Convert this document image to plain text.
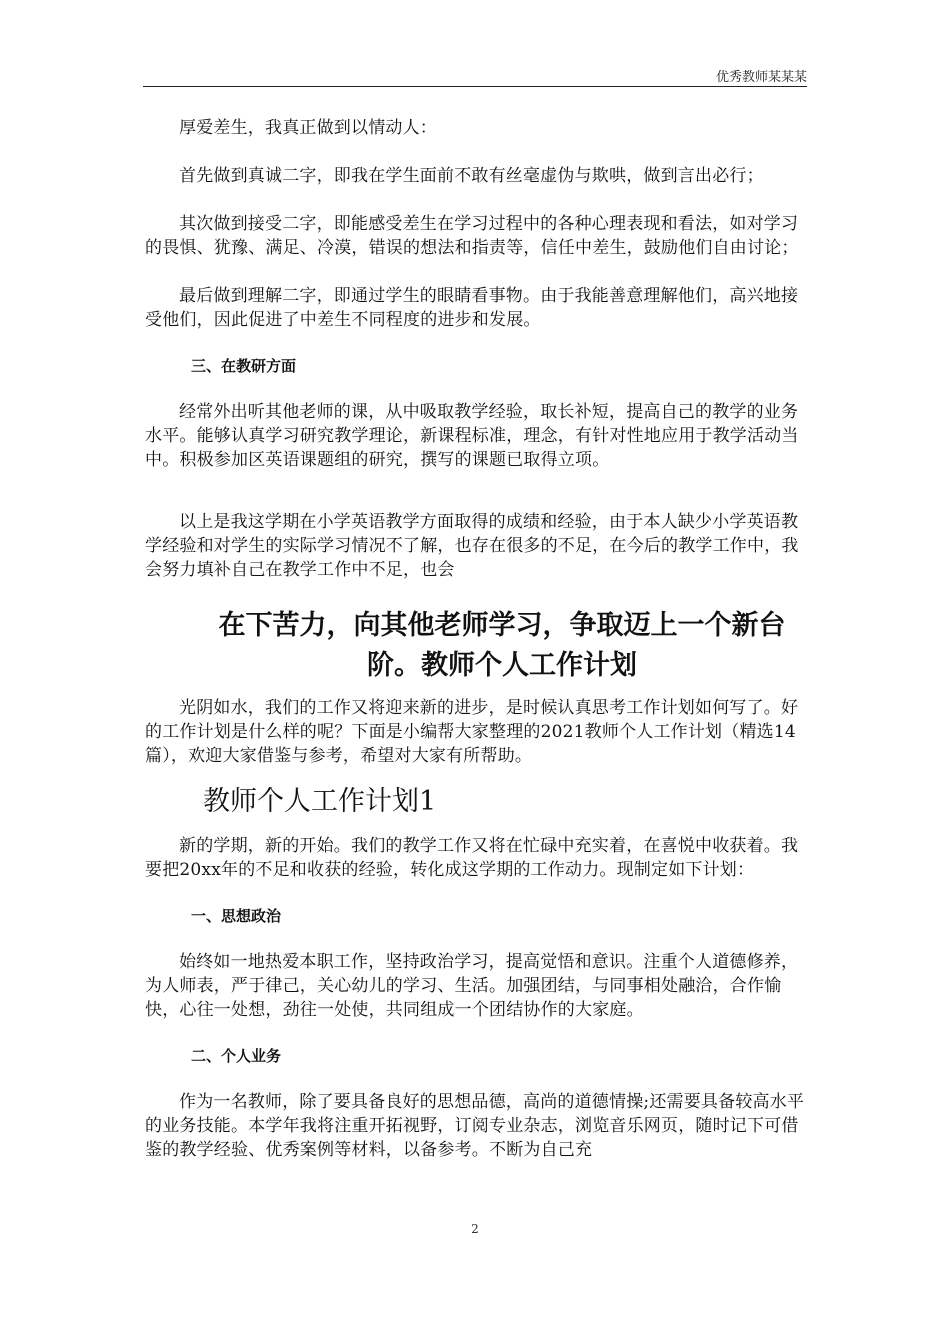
优秀教师某某某

厚爱差生，我真正做到以情动人：

首先做到真诚二字，即我在学生面前不敢有丝毫虚伪与欺哄，做到言出必行；

其次做到接受二字，即能感受差生在学习过程中的各种心理表现和看法，如对学习的畏惧、犹豫、满足、冷漠，错误的想法和指责等，信任中差生，鼓励他们自由讨论；

最后做到理解二字，即通过学生的眼睛看事物。由于我能善意理解他们，高兴地接受他们，因此促进了中差生不同程度的进步和发展。

三、在教研方面

经常外出听其他老师的课，从中吸取教学经验，取长补短，提高自己的教学的业务水平。能够认真学习研究教学理论，新课程标准，理念，有针对性地应用于教学活动当中。积极参加区英语课题组的研究，撰写的课题已取得立项。

以上是我这学期在小学英语教学方面取得的成绩和经验，由于本人缺少小学英语教学经验和对学生的实际学习情况不了解，也存在很多的不足，在今后的教学工作中，我会努力填补自己在教学工作中不足，也会

在下苦力，向其他老师学习，争取迈上一个新台阶。教师个人工作计划

光阴如水，我们的工作又将迎来新的进步，是时候认真思考工作计划如何写了。好的工作计划是什么样的呢？下面是小编帮大家整理的2021教师个人工作计划（精选14篇），欢迎大家借鉴与参考，希望对大家有所帮助。

教师个人工作计划1

新的学期，新的开始。我们的教学工作又将在忙碌中充实着，在喜悦中收获着。我要把20xx年的不足和收获的经验，转化成这学期的工作动力。现制定如下计划：

一、思想政治

始终如一地热爱本职工作，坚持政治学习，提高觉悟和意识。注重个人道德修养，为人师表，严于律己，关心幼儿的学习、生活。加强团结，与同事相处融洽，合作愉快，心往一处想，劲往一处使，共同组成一个团结协作的大家庭。

二、个人业务

作为一名教师，除了要具备良好的思想品德，高尚的道德情操;还需要具备较高水平的业务技能。本学年我将注重开拓视野，订阅专业杂志，浏览音乐网页，随时记下可借鉴的教学经验、优秀案例等材料，以备参考。不断为自己充

2
